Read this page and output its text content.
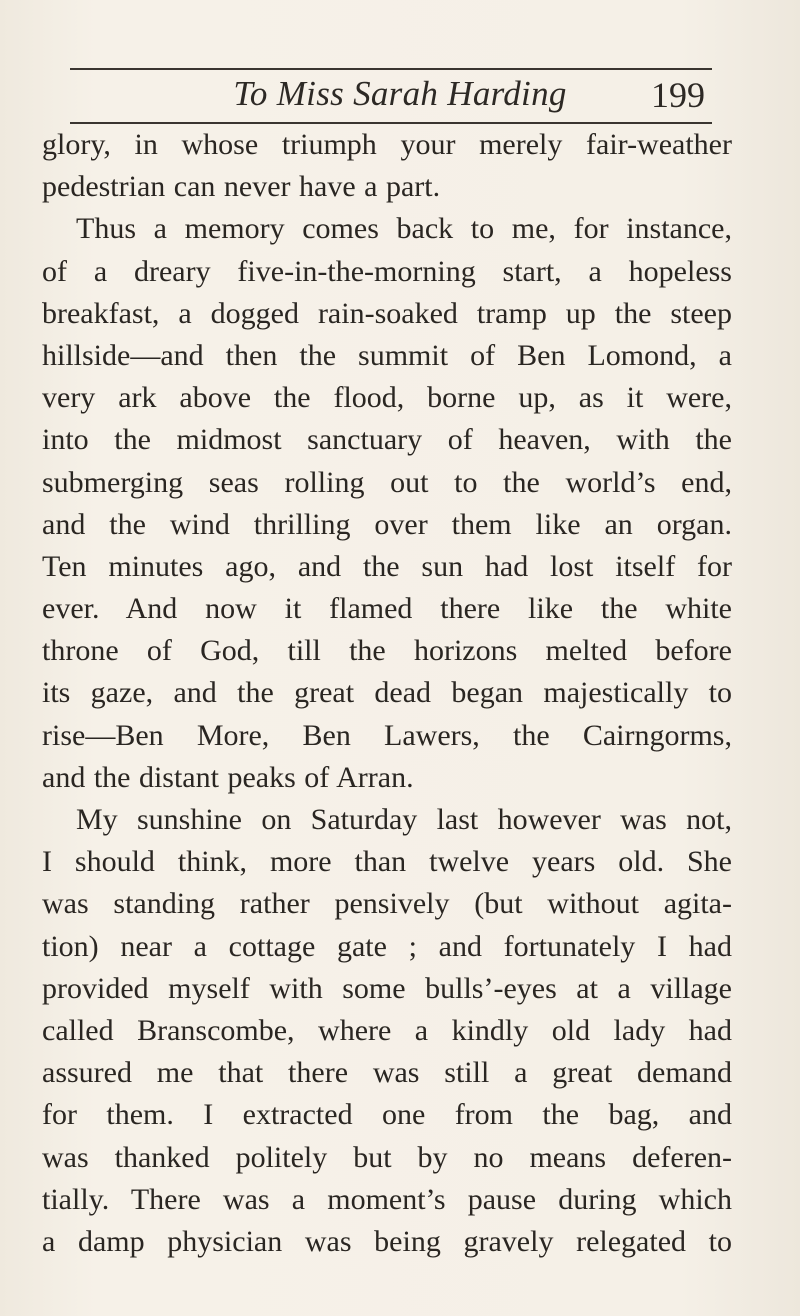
To Miss Sarah Harding	199
glory, in whose triumph your merely fair-weather
pedestrian can never have a part.
Thus a memory comes back to me, for instance,
of a dreary five-in-the-morning start, a hopeless
breakfast, a dogged rain-soaked tramp up the steep
hillside—and then the summit of Ben Lomond, a
very ark above the flood, borne up, as it were,
into the midmost sanctuary of heaven, with the
submerging seas rolling out to the world’s end,
and the wind thrilling over them like an organ.
Ten minutes ago, and the sun had lost itself for
ever. And now it flamed there like the white
throne of God, till the horizons melted before
its gaze, and the great dead began majestically to
rise—Ben More, Ben Lawers, the Cairngorms,
and the distant peaks of Arran.
My sunshine on Saturday last however was not,
I should think, more than twelve years old. She
was standing rather pensively (but without agita-
tion) near a cottage gate ; and fortunately I had
provided myself with some bulls’-eyes at a village
called Branscombe, where a kindly old lady had
assured me that there was still a great demand
for them. I extracted one from the bag, and
was thanked politely but by no means deferen-
tially. There was a moment’s pause during which
a damp physician was being gravely relegated to
